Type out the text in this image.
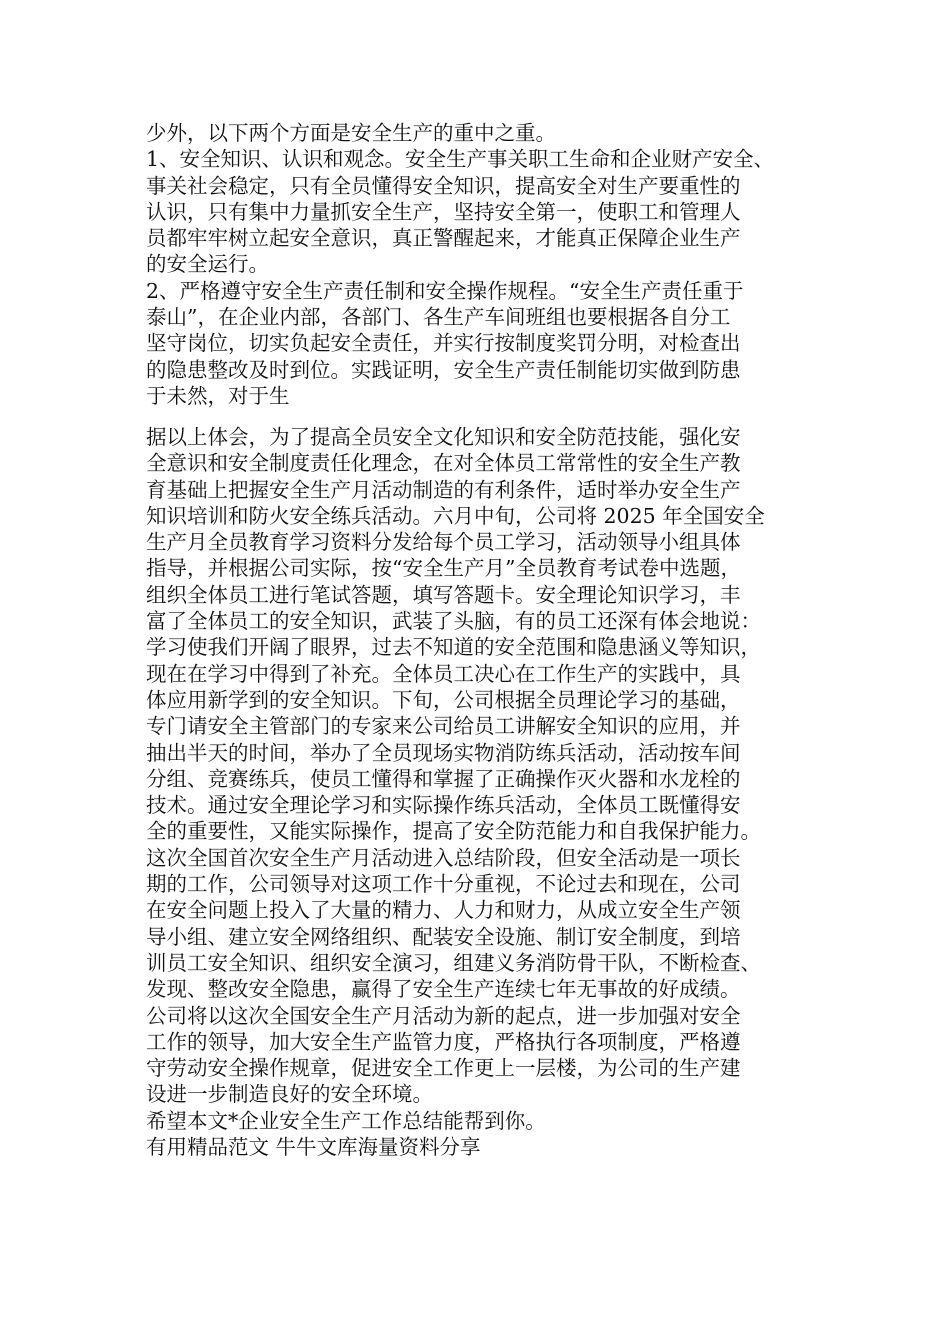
少外，以下两个方面是安全生产的重中之重。
1、安全知识、认识和观念。安全生产事关职工生命和企业财产安全、
事关社会稳定，只有全员懂得安全知识，提高安全对生产要重性的
认识，只有集中力量抓安全生产，坚持安全第一，使职工和管理人
员都牢牢树立起安全意识，真正警醒起来，才能真正保障企业生产
的安全运行。
2、严格遵守安全生产责任制和安全操作规程。“安全生产责任重于
泰山”，在企业内部，各部门、各生产车间班组也要根据各自分工
坚守岗位，切实负起安全责任，并实行按制度奖罚分明，对检查出
的隐患整改及时到位。实践证明，安全生产责任制能切实做到防患
于未然，对于生
据以上体会，为了提高全员安全文化知识和安全防范技能，强化安
全意识和安全制度责任化理念，在对全体员工常常性的安全生产教
育基础上把握安全生产月活动制造的有利条件，适时举办安全生产
知识培训和防火安全练兵活动。六月中旬，公司将 2025 年全国安全
生产月全员教育学习资料分发给每个员工学习，活动领导小组具体
指导，并根据公司实际，按“安全生产月”全员教育考试卷中选题，
组织全体员工进行笔试答题，填写答题卡。安全理论知识学习，丰
富了全体员工的安全知识，武装了头脑，有的员工还深有体会地说：
学习使我们开阔了眼界，过去不知道的安全范围和隐患涵义等知识，
现在在学习中得到了补充。全体员工决心在工作生产的实践中，具
体应用新学到的安全知识。下旬，公司根据全员理论学习的基础，
专门请安全主管部门的专家来公司给员工讲解安全知识的应用，并
抽出半天的时间，举办了全员现场实物消防练兵活动，活动按车间
分组、竞赛练兵，使员工懂得和掌握了正确操作灭火器和水龙栓的
技术。通过安全理论学习和实际操作练兵活动，全体员工既懂得安
全的重要性，又能实际操作，提高了安全防范能力和自我保护能力。
这次全国首次安全生产月活动进入总结阶段，但安全活动是一项长
期的工作，公司领导对这项工作十分重视，不论过去和现在，公司
在安全问题上投入了大量的精力、人力和财力，从成立安全生产领
导小组、建立安全网络组织、配装安全设施、制订安全制度，到培
训员工安全知识、组织安全演习，组建义务消防骨干队，不断检查、
发现、整改安全隐患，赢得了安全生产连续七年无事故的好成绩。
公司将以这次全国安全生产月活动为新的起点，进一步加强对安全
工作的领导，加大安全生产监管力度，严格执行各项制度，严格遵
守劳动安全操作规章，促进安全工作更上一层楼，为公司的生产建
设进一步制造良好的安全环境。
希望本文*企业安全生产工作总结能帮到你。
有用精品范文 牛牛文库海量资料分享
